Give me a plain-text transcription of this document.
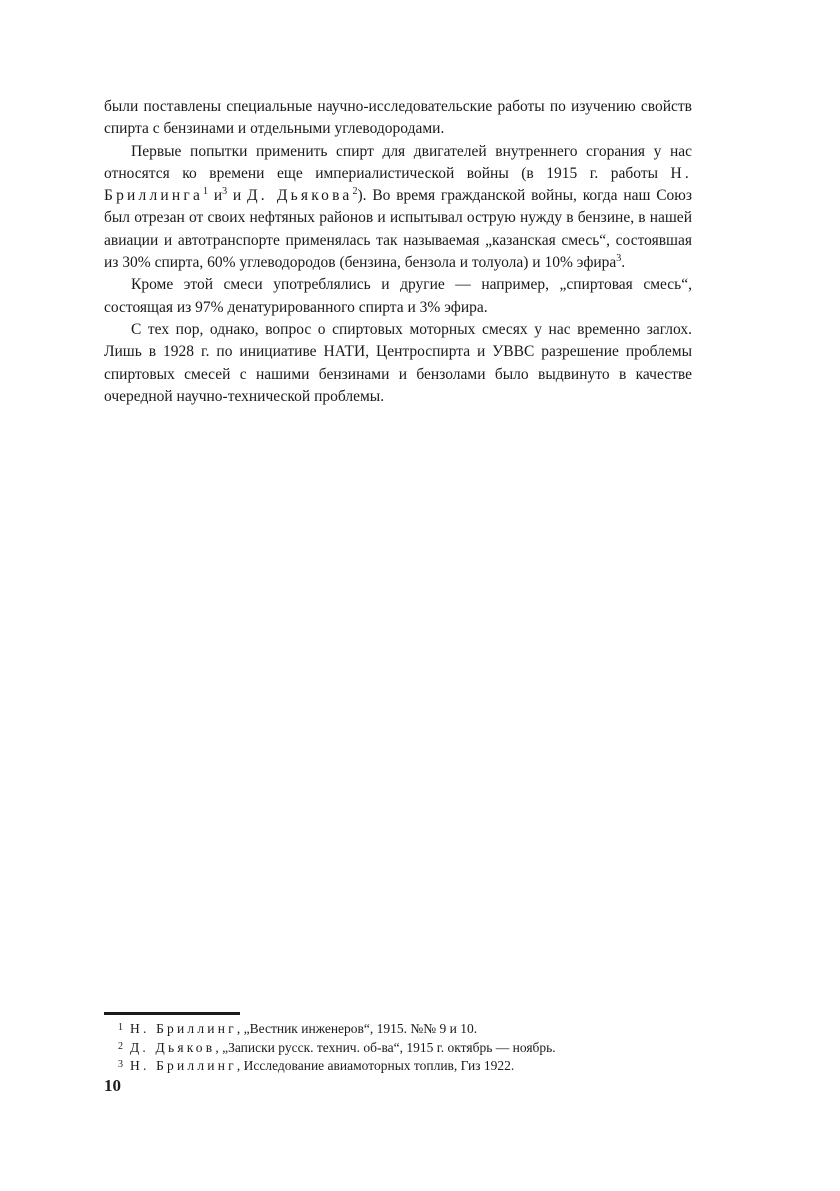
были поставлены специальные научно-исследовательские работы по изучению свойств спирта с бензинами и отдельными углеводородами.

Первые попытки применить спирт для двигателей внутреннего сгорания у нас относятся ко времени еще империалистической войны (в 1915 г. работы Н. Бриллинга$^1$ $и^3$ и Д. Дьякова$^2$). Во время гражданской войны, когда наш Союз был отрезан от своих нефтяных районов и испытывал острую нужду в бензине, в нашей авиации и автотранспорте применялась так называемая „казанская смесь“, состоявшая из 30% спирта, 60% углеводородов (бензина, бензола и толуола) и 10% эфира$^3$.

Кроме этой смеси употреблялись и другие — например, „спиртовая смесь“, состоящая из 97% денатурированного спирта и 3% эфира.

С тех пор, однако, вопрос о спиртовых моторных смесях у нас временно заглох. Лишь в 1928 г. по инициативе НАТИ, Центроспирта и УВВС разрешение проблемы спиртовых смесей с нашими бензинами и бензолами было выдвинуто в качестве очередной научно-технической проблемы.

1 Н. Бриллинг, „Вестник инженеров“, 1915. №№ 9 и 10.
2 Д. Дьяков, „Записки русск. технич. об-ва“, 1915 г. октябрь — ноябрь.
3 Н. Бриллинг, Исследование авиамоторных топлив, Гиз 1922.
10
